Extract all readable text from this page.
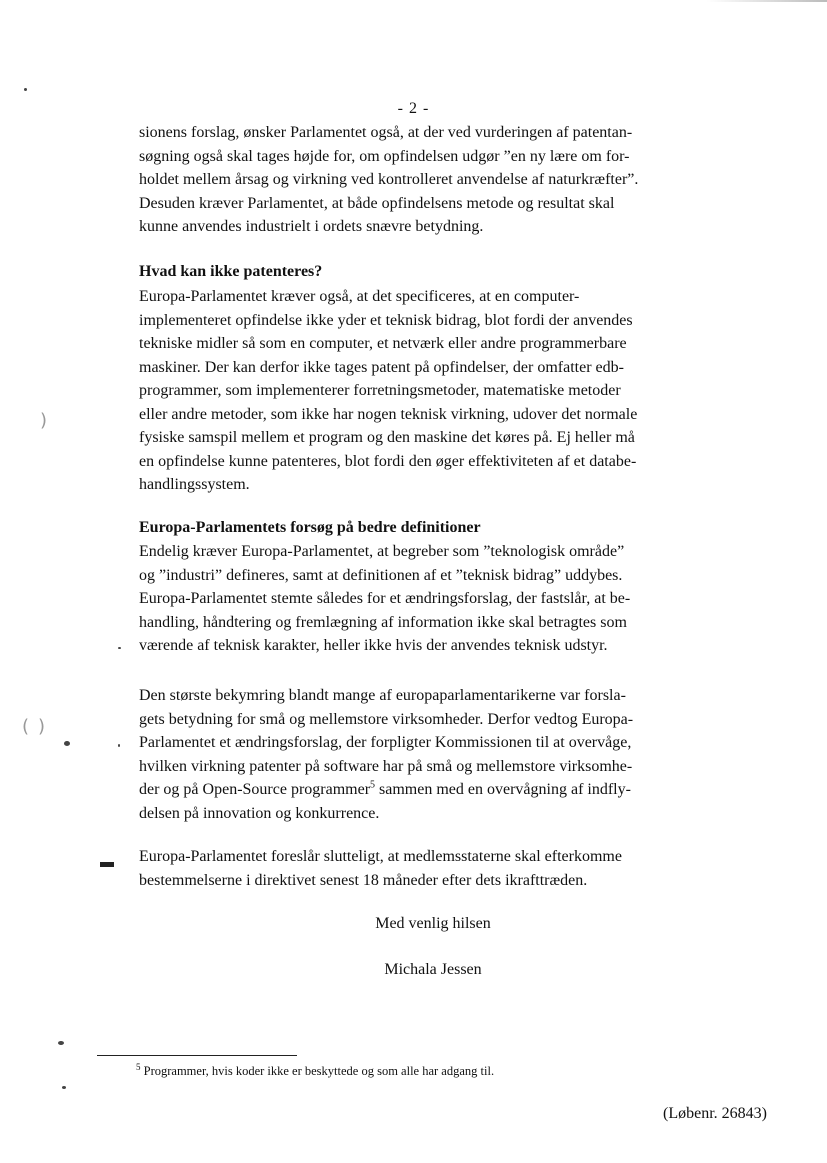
- 2 -
sionens forslag, ønsker Parlamentet også, at der ved vurderingen af patentan-
søgning også skal tages højde for, om opfindelsen udgør ”en ny lære om for-
holdet mellem årsag og virkning ved kontrolleret anvendelse af naturkræfter”.
Desuden kræver Parlamentet, at både opfindelsens metode og resultat skal
kunne anvendes industrielt i ordets snævre betydning.
Hvad kan ikke patenteres?
Europa-Parlamentet kræver også, at det specificeres, at en computer-
implementeret opfindelse ikke yder et teknisk bidrag, blot fordi der anvendes
tekniske midler så som en computer, et netværk eller andre programmerbare
maskiner. Der kan derfor ikke tages patent på opfindelser, der omfatter edb-
programmer, som implementerer forretningsmetoder, matematiske metoder
eller andre metoder, som ikke har nogen teknisk virkning, udover det normale
fysiske samspil mellem et program og den maskine det køres på. Ej heller må
en opfindelse kunne patenteres, blot fordi den øger effektiviteten af et databe-
handlingssystem.
Europa-Parlamentets forsøg på bedre definitioner
Endelig kræver Europa-Parlamentet, at begreber som ”teknologisk område”
og ”industri” defineres, samt at definitionen af et ”teknisk bidrag” uddybes.
Europa-Parlamentet stemte således for et ændringsforslag, der fastslår, at be-
handling, håndtering og fremlægning af information ikke skal betragtes som
værende af teknisk karakter, heller ikke hvis der anvendes teknisk udstyr.
Den største bekymring blandt mange af europaparlamentarikerne var forsla-
gets betydning for små og mellemstore virksomheder. Derfor vedtog Europa-
Parlamentet et ændringsforslag, der forpligter Kommissionen til at overvåge,
hvilken virkning patenter på software har på små og mellemstore virksomhe-
der og på Open-Source programmer$^5$ sammen med en overvågning af indfly-
delsen på innovation og konkurrence.
Europa-Parlamentet foreslår slutteligt, at medlemsstaterne skal efterkomme
bestemmelserne i direktivet senest 18 måneder efter dets ikrafttræden.
Med venlig hilsen
Michala Jessen
$^5$ Programmer, hvis koder ikke er beskyttede og som alle har adgang til.
(Løbenr. 26843)
)
( )
